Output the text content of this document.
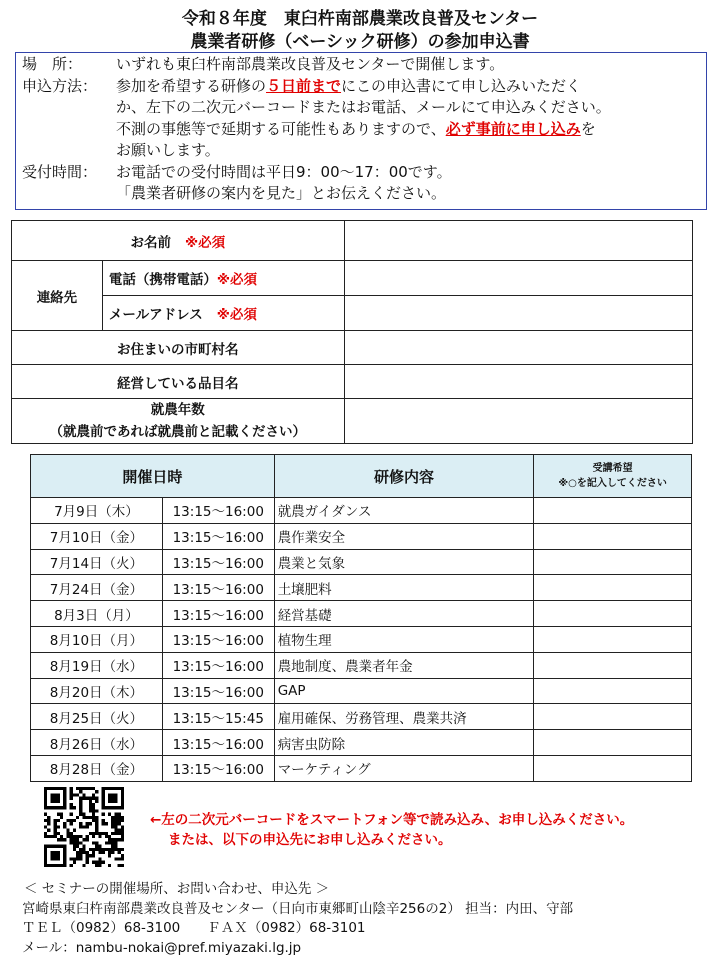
令和８年度　東臼杵南部農業改良普及センター
農業者研修（ベーシック研修）の参加申込書
場　所：	いずれも東臼杵南部農業改良普及センターで開催します。
申込方法：	参加を希望する研修の５日前までにこの申込書にて申し込みいただく
か、左下の二次元バーコードまたはお電話、メールにて申込みください。
不測の事態等で延期する可能性もありますので、必ず事前に申し込みを
お願いします。
受付時間：	お電話での受付時間は平日9：00～17：00です。
「農業者研修の案内を見た」とお伝えください。
お名前 ※必須		
連絡先	電話（携帯電話）※必須	
	メールアドレス ※必須	
お住まいの市町村名		
経営している品目名		

就農年数
（就農前であれば就農前と記載ください）		

開催日時		研修内容	受講希望
※○を記入してください

7月9日（木）	13:15～16:00	就農ガイダンス	
7月10日（金）	13:15～16:00	農作業安全	
7月14日（火）	13:15～16:00	農業と気象	
7月24日（金）	13:15～16:00	土壌肥料	
8月3日（月）	13:15～16:00	経営基礎	
8月10日（月）	13:15～16:00	植物生理	
8月19日（水）	13:15～16:00	農地制度、農業者年金	
8月20日（木）	13:15～16:00	GAP	
8月25日（火）	13:15～15:45	雇用確保、労務管理、農業共済	
8月26日（水）	13:15～16:00	病害虫防除	
8月28日（金）	13:15～16:00	マーケティング	
←左の二次元バーコードをスマートフォン等で読み込み、お申し込みください。
または、以下の申込先にお申し込みください。
＜ セミナーの開催場所、お問い合わせ、申込先 ＞
宮崎県東臼杵南部農業改良普及センター（日向市東郷町山陰辛256の2） 担当：内田、守部
ＴＥＬ（0982）68-3100　　ＦＡＸ（0982）68-3101
メール：nambu-nokai@pref.miyazaki.lg.jp
